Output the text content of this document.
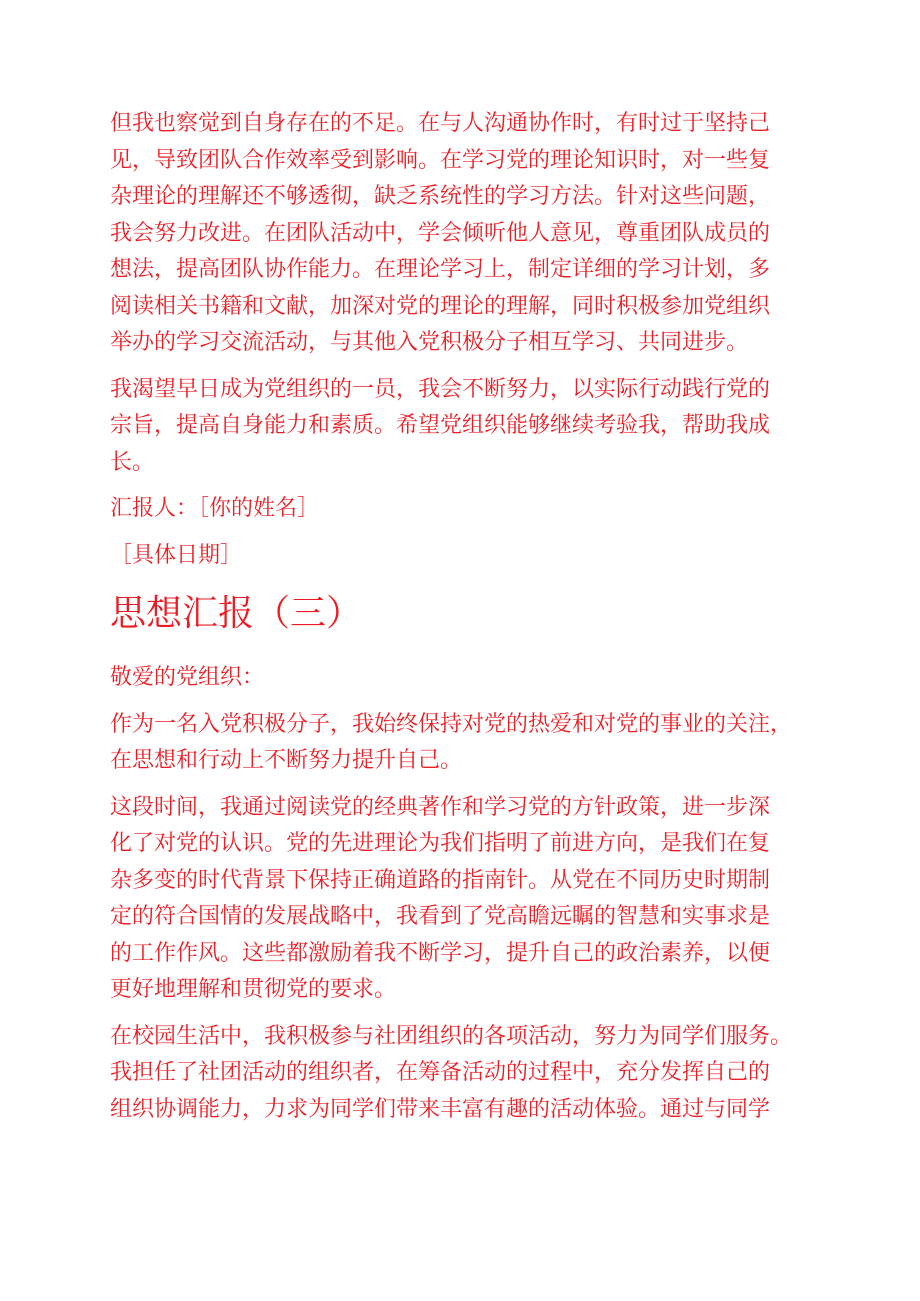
但我也察觉到自身存在的不足。在与人沟通协作时，有时过于坚持己
见，导致团队合作效率受到影响。在学习党的理论知识时，对一些复
杂理论的理解还不够透彻，缺乏系统性的学习方法。针对这些问题，
我会努力改进。在团队活动中，学会倾听他人意见，尊重团队成员的
想法，提高团队协作能力。在理论学习上，制定详细的学习计划，多
阅读相关书籍和文献，加深对党的理论的理解，同时积极参加党组织
举办的学习交流活动，与其他入党积极分子相互学习、共同进步。

我渴望早日成为党组织的一员，我会不断努力，以实际行动践行党的
宗旨，提高自身能力和素质。希望党组织能够继续考验我，帮助我成
长。

汇报人：［你的姓名］

［具体日期］

思想汇报（三）

敬爱的党组织：

作为一名入党积极分子，我始终保持对党的热爱和对党的事业的关注，
在思想和行动上不断努力提升自己。

这段时间，我通过阅读党的经典著作和学习党的方针政策，进一步深
化了对党的认识。党的先进理论为我们指明了前进方向，是我们在复
杂多变的时代背景下保持正确道路的指南针。从党在不同历史时期制
定的符合国情的发展战略中，我看到了党高瞻远瞩的智慧和实事求是
的工作作风。这些都激励着我不断学习，提升自己的政治素养，以便
更好地理解和贯彻党的要求。

在校园生活中，我积极参与社团组织的各项活动，努力为同学们服务。
我担任了社团活动的组织者，在筹备活动的过程中，充分发挥自己的
组织协调能力，力求为同学们带来丰富有趣的活动体验。通过与同学
